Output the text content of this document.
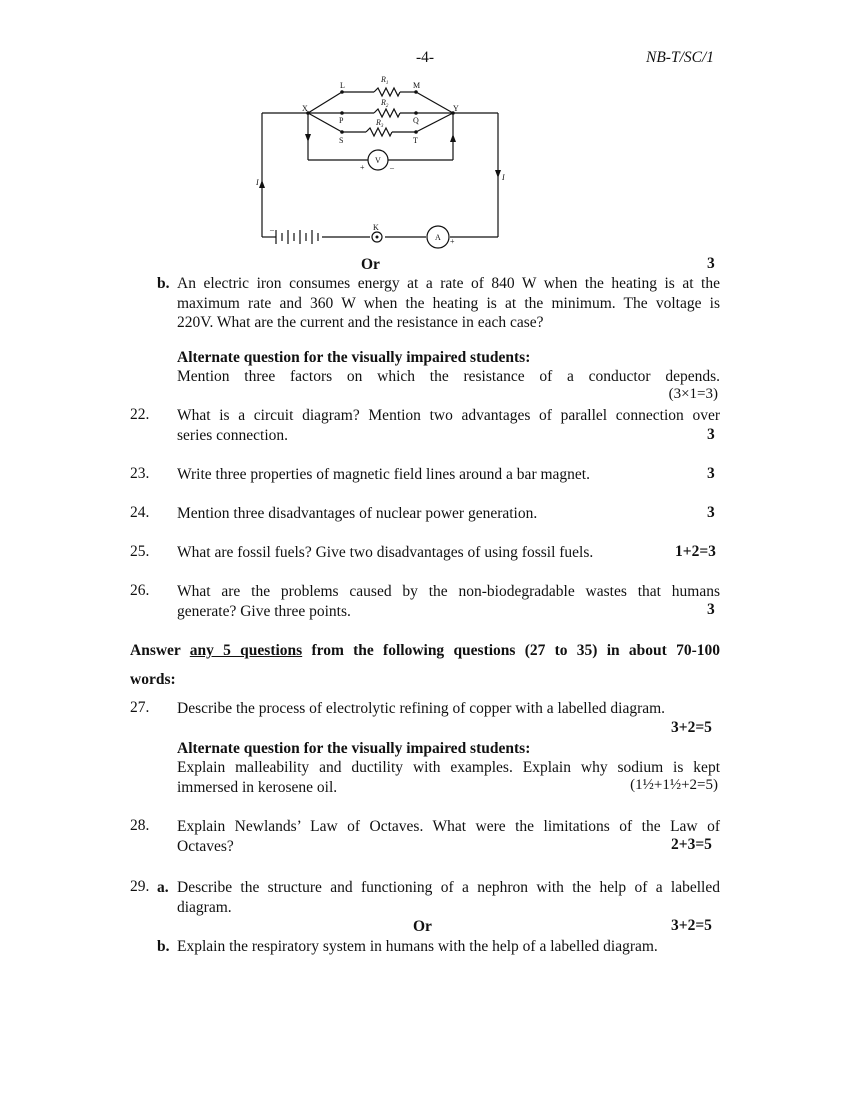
-4-	NB-T/SC/1
L	M
X	Y
P	Q
S	T
$R_1$
$R_2$
$R_3$
V
A
K
I
I
+	–
–
+
Or	3
b. An electric iron consumes energy at a rate of 840 W when the heating is at the
maximum rate and 360 W when the heating is at the minimum. The voltage is
220V. What are the current and the resistance in each case?
Alternate question for the visually impaired students:
Mention three factors on which the resistance of a conductor depends.
(3×1=3)
22. What is a circuit diagram? Mention two advantages of parallel connection over
series connection.	3
23. Write three properties of magnetic field lines around a bar magnet.	3
24. Mention three disadvantages of nuclear power generation.	3
25. What are fossil fuels? Give two disadvantages of using fossil fuels.	1+2=3
26. What are the problems caused by the non-biodegradable wastes that humans
generate? Give three points.	3
Answer any 5 questions from the following questions (27 to 35) in about 70-100
words:
27. Describe the process of electrolytic refining of copper with a labelled diagram.
3+2=5
Alternate question for the visually impaired students:
Explain malleability and ductility with examples. Explain why sodium is kept
immersed in kerosene oil.	(1½+1½+2=5)
28. Explain Newlands’ Law of Octaves. What were the limitations of the Law of
Octaves?	2+3=5
29. a. Describe the structure and functioning of a nephron with the help of a labelled
diagram.
Or	3+2=5
b. Explain the respiratory system in humans with the help of a labelled diagram.
